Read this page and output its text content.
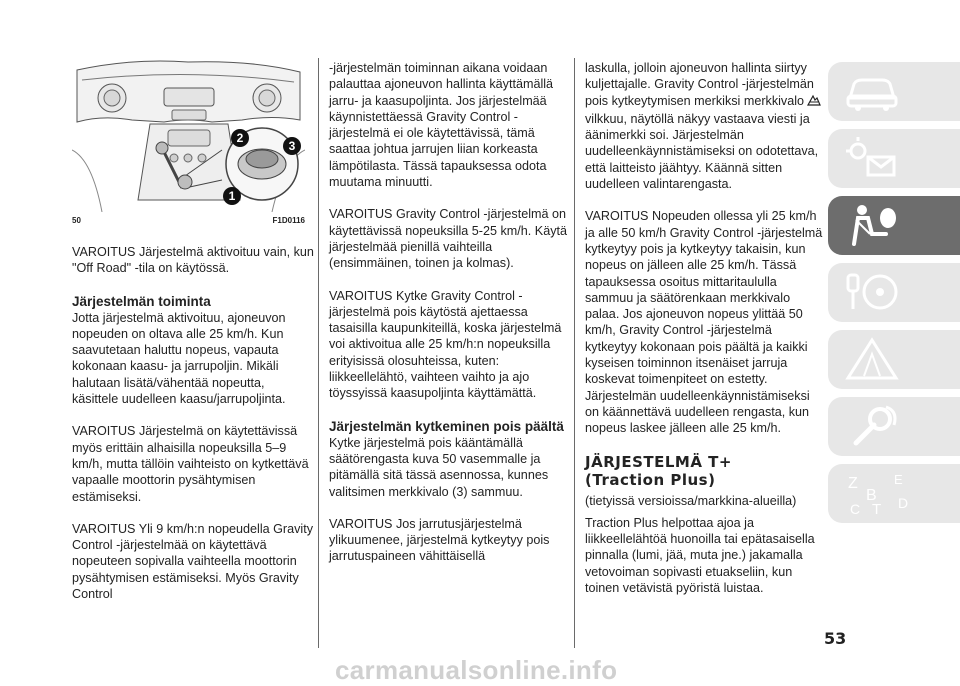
2
3
1
50	F1D0116

VAROITUS Järjestelmä aktivoituu vain, kun "Off Road" -tila on käytössä.

Järjestelmän toiminta

Jotta järjestelmä aktivoituu, ajoneuvon nopeuden on oltava alle 25 km/h. Kun saavutetaan haluttu nopeus, vapauta kokonaan kaasu- ja jarrupoljin. Mikäli halutaan lisätä/vähentää nopeutta, käsittele uudelleen kaasu/jarrupoljinta.

VAROITUS Järjestelmä on käytettävissä myös erittäin alhaisilla nopeuksilla 5–9 km/h, mutta tällöin vaihteisto on kytkettävä vapaalle moottorin pysähtymisen estämiseksi.

VAROITUS Yli 9 km/h:n nopeudella Gravity Control -järjestelmää on käytettävä nopeuteen sopivalla vaihteella moottorin pysähtymisen estämiseksi. Myös Gravity Control

-järjestelmän toiminnan aikana voidaan palauttaa ajoneuvon hallinta käyttämällä jarru- ja kaasupoljinta. Jos järjestelmää käynnistettäessä Gravity Control -järjestelmä ei ole käytettävissä, tämä saattaa johtua jarrujen liian korkeasta lämpötilasta. Tässä tapauksessa odota muutama minuutti.

VAROITUS Gravity Control -järjestelmä on käytettävissä nopeuksilla 5-25 km/h. Käytä järjestelmää pienillä vaihteilla (ensimmäinen, toinen ja kolmas).

VAROITUS Kytke Gravity Control -järjestelmä pois käytöstä ajettaessa tasaisilla kaupunkiteillä, koska järjestelmä voi aktivoitua alle 25 km/h:n nopeuksilla erityisissä olosuhteissa, kuten: liikkeellelähtö, vaihteen vaihto ja ajo töyssyissä kaasupoljinta käyttämättä.

Järjestelmän kytkeminen pois päältä

Kytke järjestelmä pois kääntämällä säätörengasta kuva 50 vasemmalle ja pitämällä sitä tässä asennossa, kunnes valitsimen merkkivalo (3) sammuu.

VAROITUS Jos jarrutusjärjestelmä ylikuumenee, järjestelmä kytkeytyy pois jarrutuspaineen vähittäisellä

laskulla, jolloin ajoneuvon hallinta siirtyy kuljettajalle. Gravity Control -järjestelmän pois kytkeytymisen merkiksi merkkivalovilkkuu, näytöllä näkyy vastaava viesti ja äänimerkki soi. Järjestelmän uudelleenkäynnistämiseksi on odotettava, että laitteisto jäähtyy. Käännä sitten uudelleen valintarengasta.

VAROITUS Nopeuden ollessa yli 25 km/h ja alle 50 km/h Gravity Control -järjestelmä kytkeytyy pois ja kytkeytyy takaisin, kun nopeus on jälleen alle 25 km/h. Tässä tapauksessa osoitus mittaritaululla sammuu ja säätörenkaan merkkivalo palaa. Jos ajoneuvon nopeus ylittää 50 km/h, Gravity Control -järjestelmä kytkeytyy kokonaan pois päältä ja kaikki kyseisen toiminnon itsenäiset jarruja koskevat toimenpiteet on estetty. Järjestelmän uudelleenkäynnistämiseksi on käännettävä uudelleen rengasta, kun nopeus laskee jälleen alle 25 km/h.

JÄRJESTELMÄ T+
(Traction Plus)

(tietyissä versioissa/markkina-alueilla)

Traction Plus helpottaa ajoa ja liikkeellelähtöä huonoilla tai epätasaisella pinnalla (lumi, jää, muta jne.) jakamalla vetovoiman sopivasti etuakseliin, kun toinen vetävistä pyöristä luistaa.

Z	E
B
C T D
53
carmanualsonline.info
